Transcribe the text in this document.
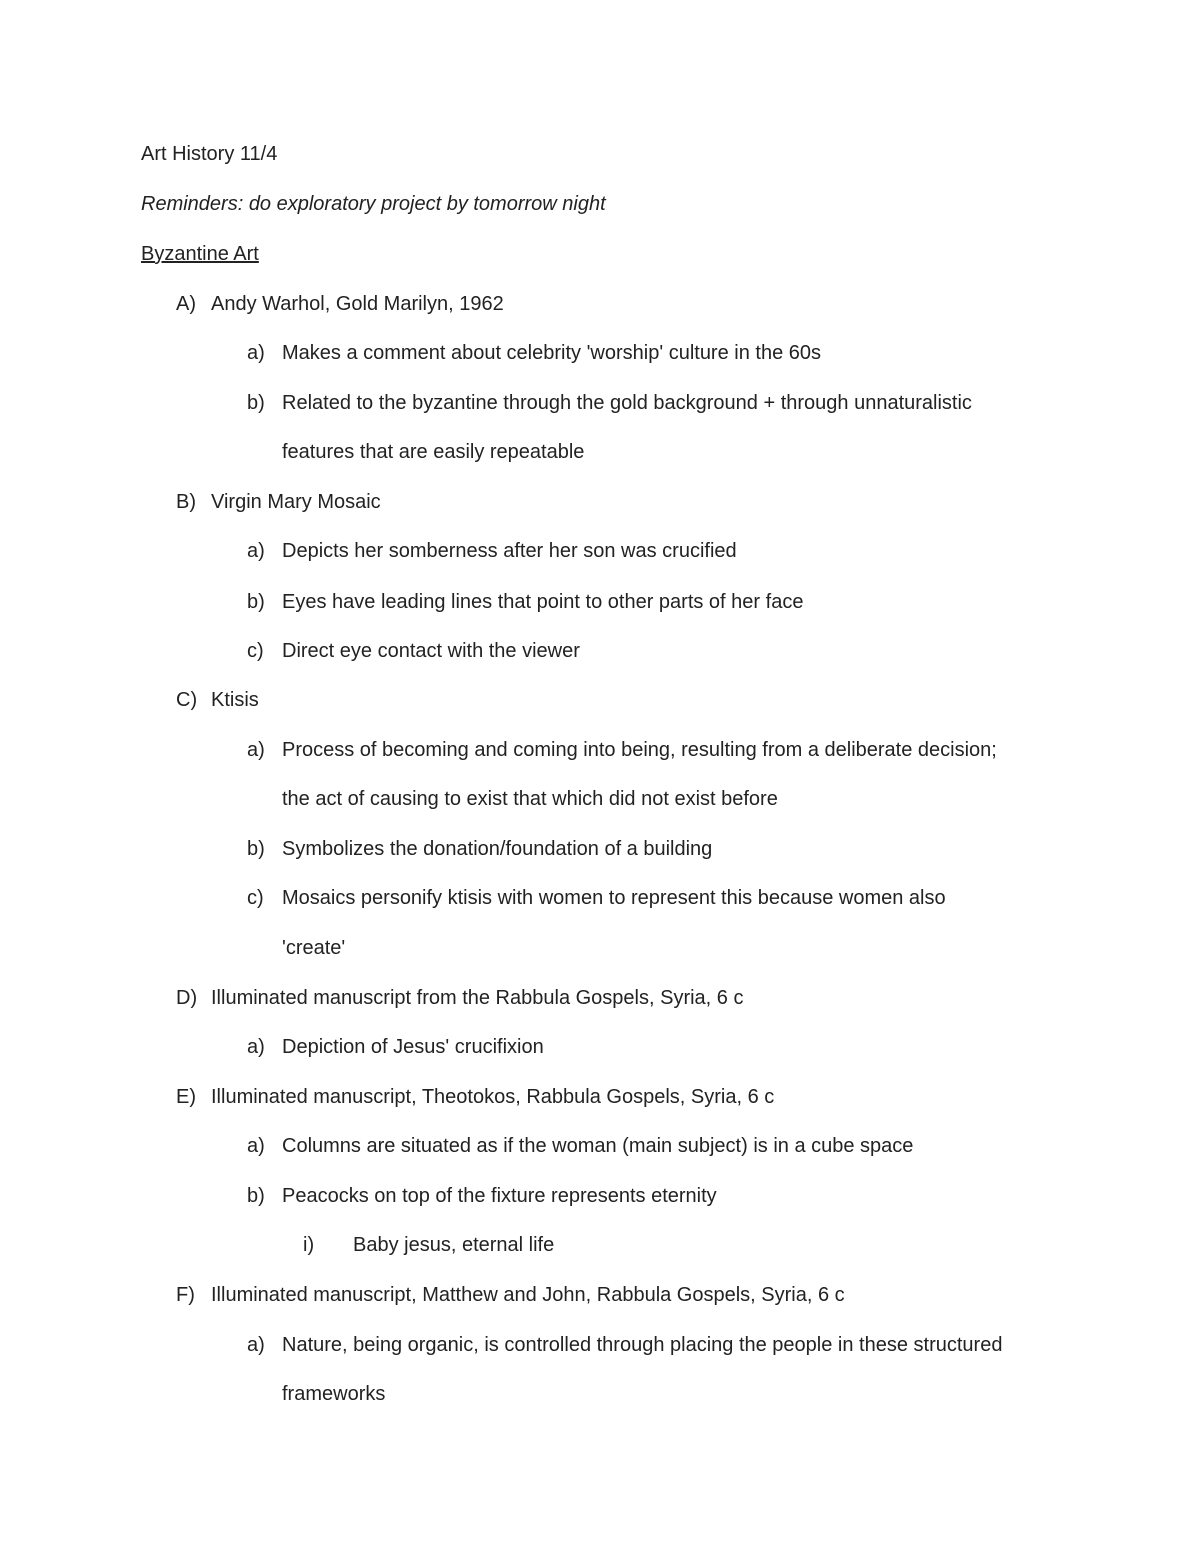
Art History 11/4
Reminders: do exploratory project by tomorrow night
Byzantine Art
A) Andy Warhol, Gold Marilyn, 1962
a) Makes a comment about celebrity 'worship' culture in the 60s
b) Related to the byzantine through the gold background + through unnaturalistic
features that are easily repeatable
B) Virgin Mary Mosaic
a) Depicts her somberness after her son was crucified
b) Eyes have leading lines that point to other parts of her face
c) Direct eye contact with the viewer
C) Ktisis
a) Process of becoming and coming into being, resulting from a deliberate decision;
the act of causing to exist that which did not exist before
b) Symbolizes the donation/foundation of a building
c) Mosaics personify ktisis with women to represent this because women also
'create'
D) Illuminated manuscript from the Rabbula Gospels, Syria, 6 c
a) Depiction of Jesus' crucifixion
E) Illuminated manuscript, Theotokos, Rabbula Gospels, Syria, 6 c
a) Columns are situated as if the woman (main subject) is in a cube space
b) Peacocks on top of the fixture represents eternity
i) Baby jesus, eternal life
F) Illuminated manuscript, Matthew and John, Rabbula Gospels, Syria, 6 c
a) Nature, being organic, is controlled through placing the people in these structured
frameworks
